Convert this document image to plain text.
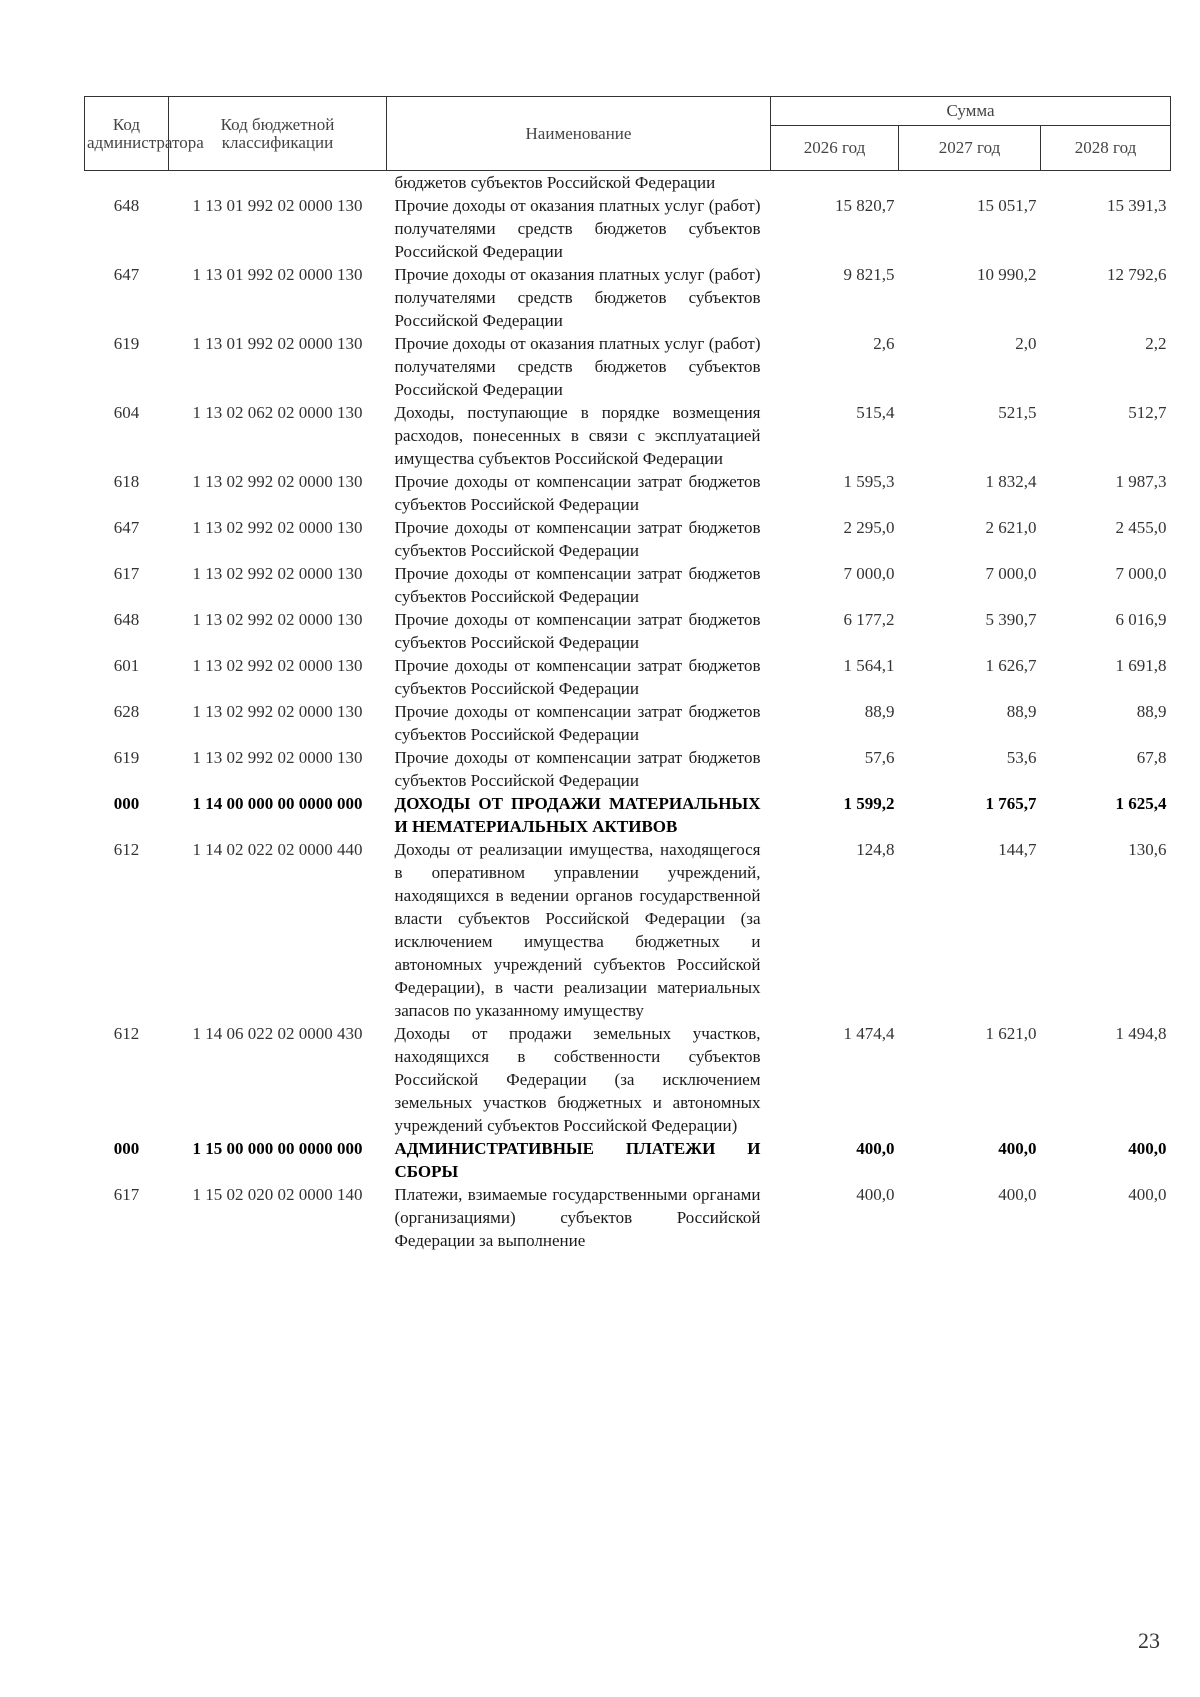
Код администратора	Код бюджетной классификации	Наименование	Сумма		
			2026 год	2027 год	2028 год
		бюджетов субъектов Российской Федерации			
648	1 13 01 992 02 0000 130	Прочие доходы от оказания платных услуг (работ) получателями средств бюджетов субъектов Российской Федерации	15 820,7	15 051,7	15 391,3
647	1 13 01 992 02 0000 130	Прочие доходы от оказания платных услуг (работ) получателями средств бюджетов субъектов Российской Федерации	9 821,5	10 990,2	12 792,6
619	1 13 01 992 02 0000 130	Прочие доходы от оказания платных услуг (работ) получателями средств бюджетов субъектов Российской Федерации	2,6	2,0	2,2
604	1 13 02 062 02 0000 130	Доходы, поступающие в порядке возмещения расходов, понесенных в связи с эксплуатацией имущества субъектов Российской Федерации	515,4	521,5	512,7
618	1 13 02 992 02 0000 130	Прочие доходы от компенсации затрат бюджетов субъектов Российской Федерации	1 595,3	1 832,4	1 987,3
647	1 13 02 992 02 0000 130	Прочие доходы от компенсации затрат бюджетов субъектов Российской Федерации	2 295,0	2 621,0	2 455,0
617	1 13 02 992 02 0000 130	Прочие доходы от компенсации затрат бюджетов субъектов Российской Федерации	7 000,0	7 000,0	7 000,0
648	1 13 02 992 02 0000 130	Прочие доходы от компенсации затрат бюджетов субъектов Российской Федерации	6 177,2	5 390,7	6 016,9
601	1 13 02 992 02 0000 130	Прочие доходы от компенсации затрат бюджетов субъектов Российской Федерации	1 564,1	1 626,7	1 691,8
628	1 13 02 992 02 0000 130	Прочие доходы от компенсации затрат бюджетов субъектов Российской Федерации	88,9	88,9	88,9
619	1 13 02 992 02 0000 130	Прочие доходы от компенсации затрат бюджетов субъектов Российской Федерации	57,6	53,6	67,8
000	1 14 00 000 00 0000 000	ДОХОДЫ ОТ ПРОДАЖИ МАТЕРИАЛЬНЫХ И НЕМАТЕРИАЛЬНЫХ АКТИВОВ	1 599,2	1 765,7	1 625,4
612	1 14 02 022 02 0000 440	Доходы от реализации имущества, находящегося в оперативном управлении учреждений, находящихся в ведении органов государственной власти субъектов Российской Федерации (за исключением имущества бюджетных и автономных учреждений субъектов Российской Федерации), в части реализации материальных запасов по указанному имуществу	124,8	144,7	130,6
612	1 14 06 022 02 0000 430	Доходы от продажи земельных участков, находящихся в собственности субъектов Российской Федерации (за исключением земельных участков бюджетных и автономных учреждений субъектов Российской Федерации)	1 474,4	1 621,0	1 494,8
000	1 15 00 000 00 0000 000	АДМИНИСТРАТИВНЫЕ ПЛАТЕЖИ И СБОРЫ	400,0	400,0	400,0
617	1 15 02 020 02 0000 140	Платежи, взимаемые государственными органами (организациями) субъектов Российской Федерации за выполнение	400,0	400,0	400,0
23
